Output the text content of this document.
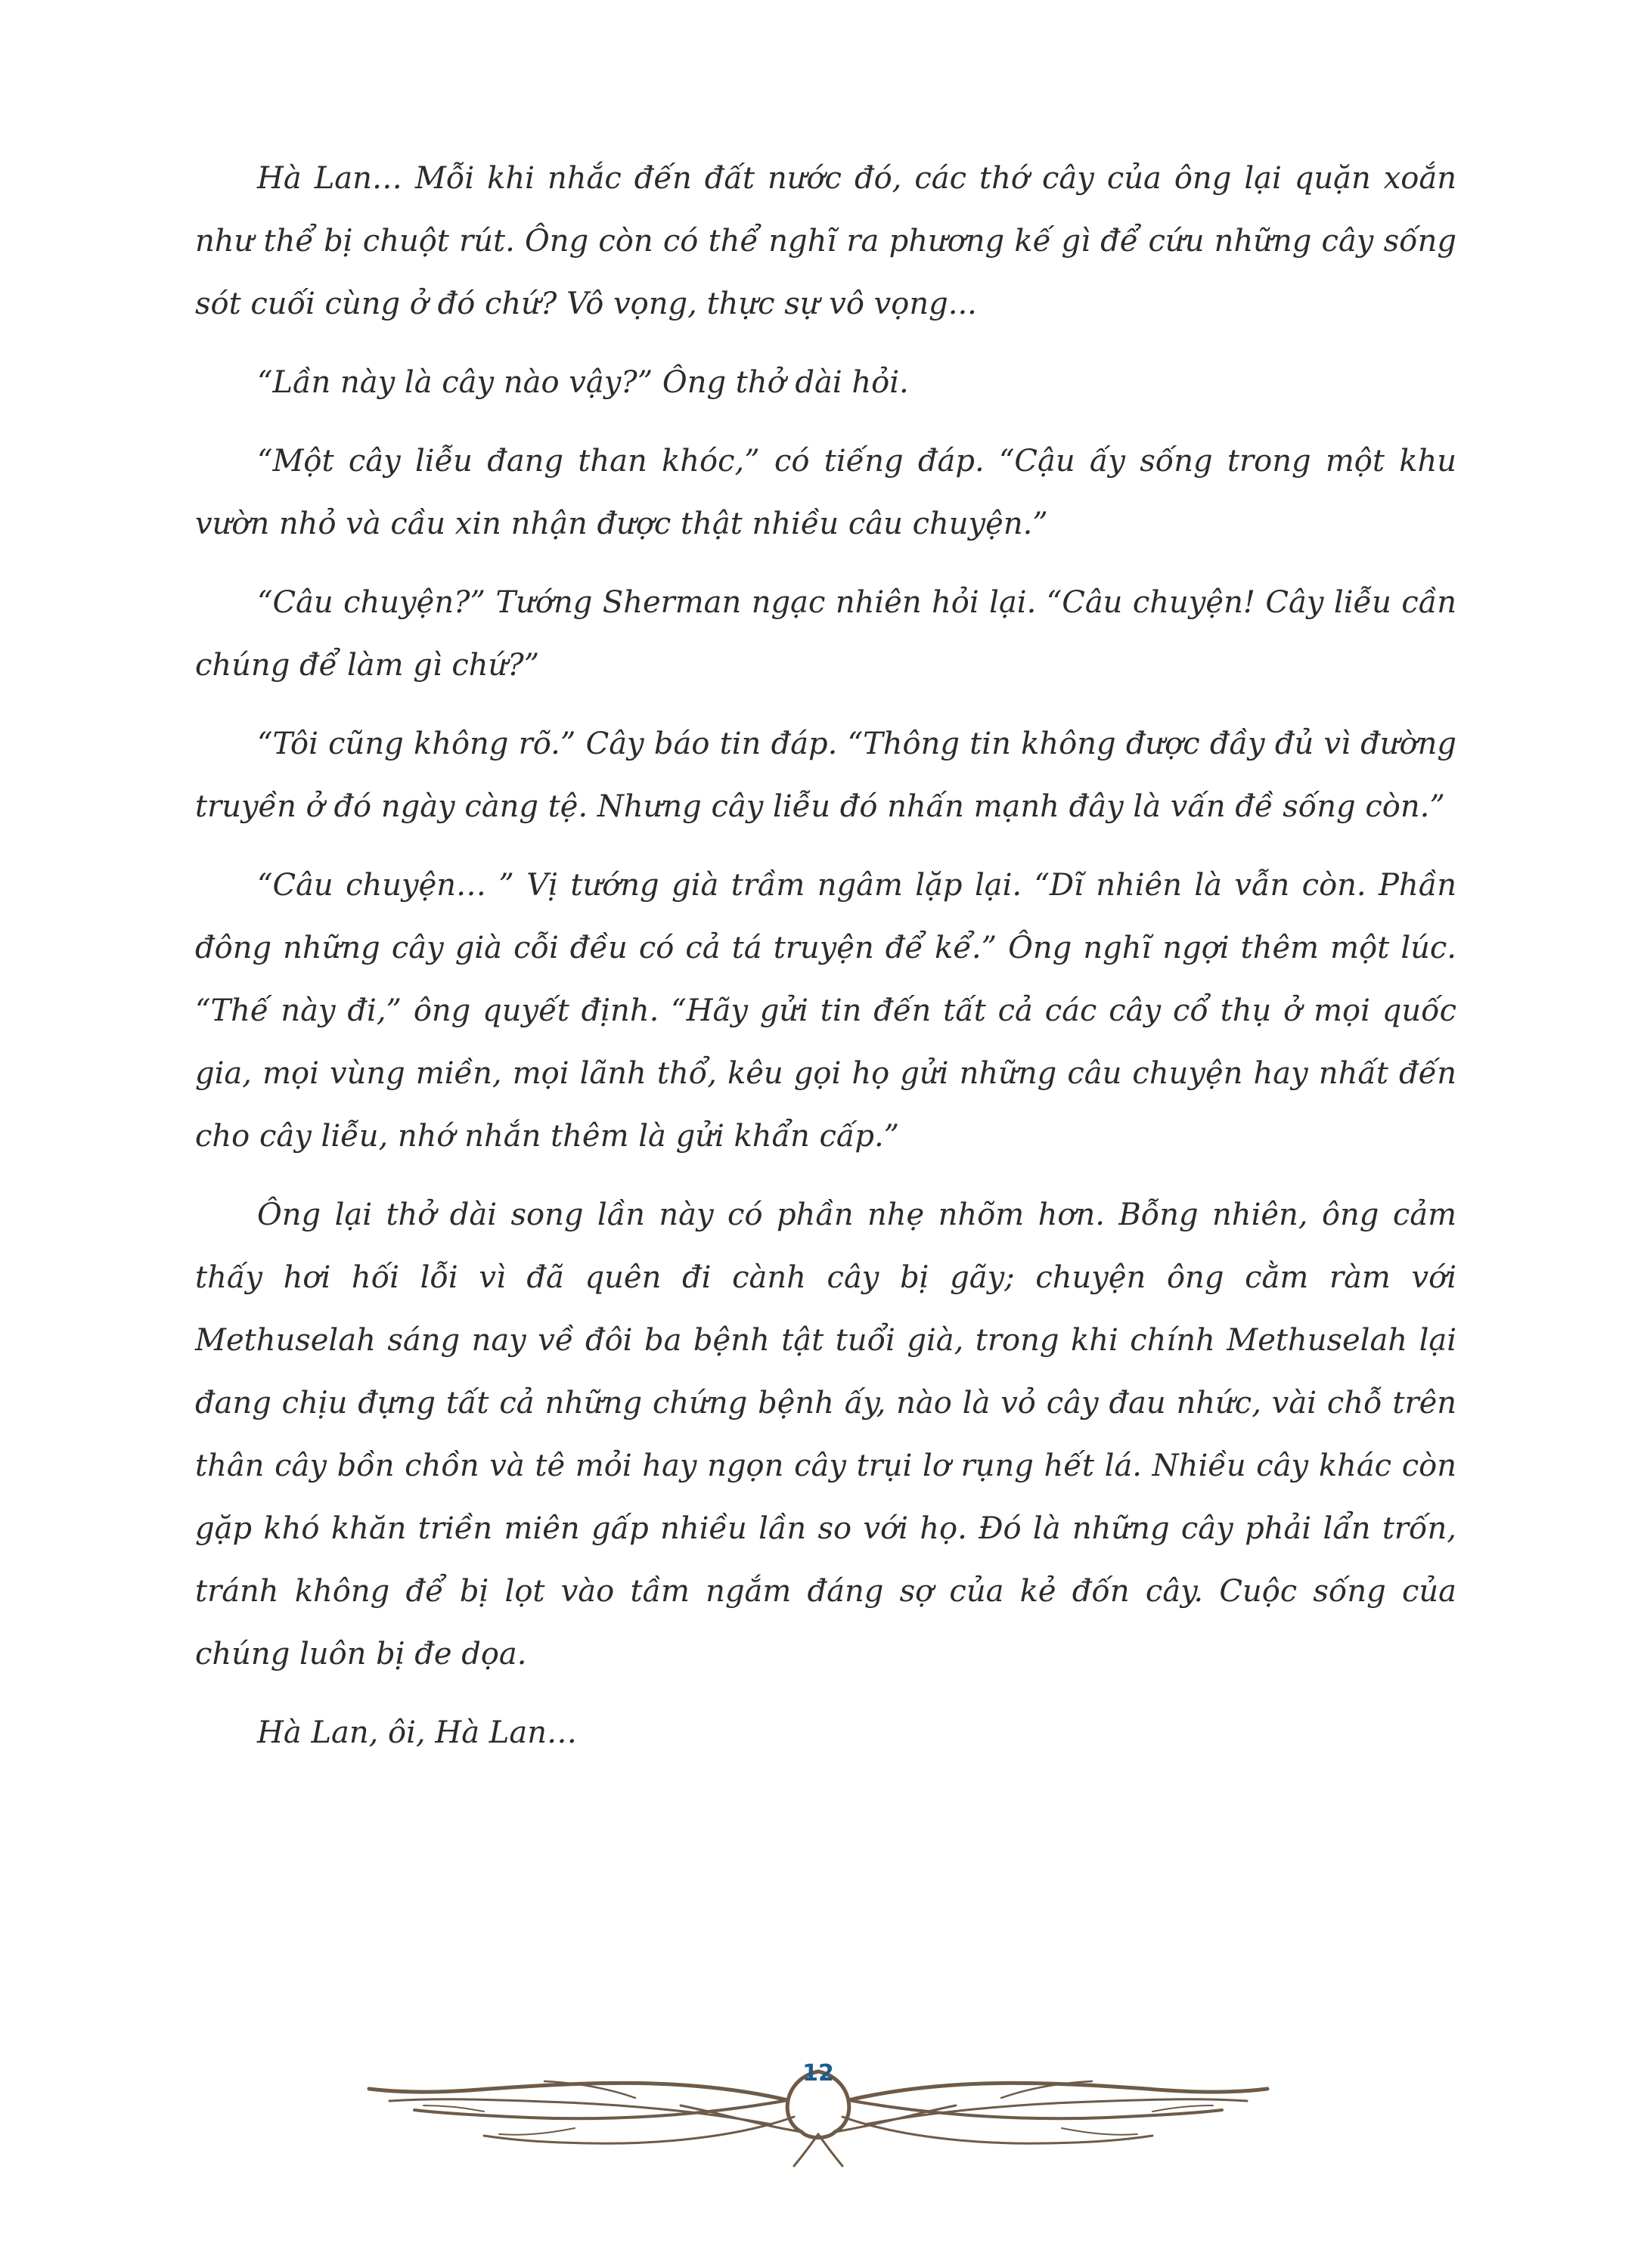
Hà Lan… Mỗi khi nhắc đến đất nước đó, các thớ cây của ông lại quặn xoắn như thể bị chuột rút. Ông còn có thể nghĩ ra phương kế gì để cứu những cây sống sót cuối cùng ở đó chứ? Vô vọng, thực sự vô vọng...

“Lần này là cây nào vậy?” Ông thở dài hỏi.

“Một cây liễu đang than khóc,” có tiếng đáp. “Cậu ấy sống trong một khu vườn nhỏ và cầu xin nhận được thật nhiều câu chuyện.”

“Câu chuyện?” Tướng Sherman ngạc nhiên hỏi lại. “Câu chuyện! Cây liễu cần chúng để làm gì chứ?”

“Tôi cũng không rõ.” Cây báo tin đáp. “Thông tin không được đầy đủ vì đường truyền ở đó ngày càng tệ. Nhưng cây liễu đó nhấn mạnh đây là vấn đề sống còn.”

“Câu chuyện… ” Vị tướng già trầm ngâm lặp lại. “Dĩ nhiên là vẫn còn. Phần đông những cây già cỗi đều có cả tá truyện để kể.” Ông nghĩ ngợi thêm một lúc. “Thế này đi,” ông quyết định. “Hãy gửi tin đến tất cả các cây cổ thụ ở mọi quốc gia, mọi vùng miền, mọi lãnh thổ, kêu gọi họ gửi những câu chuyện hay nhất đến cho cây liễu, nhớ nhắn thêm là gửi khẩn cấp.”

Ông lại thở dài song lần này có phần nhẹ nhõm hơn. Bỗng nhiên, ông cảm thấy hơi hối lỗi vì đã quên đi cành cây bị gãy; chuyện ông cằm ràm với Methuselah sáng nay về đôi ba bệnh tật tuổi già, trong khi chính Methuselah lại đang chịu đựng tất cả những chứng bệnh ấy, nào là vỏ cây đau nhức, vài chỗ trên thân cây bồn chồn và tê mỏi hay ngọn cây trụi lơ rụng hết lá. Nhiều cây khác còn gặp khó khăn triền miên gấp nhiều lần so với họ. Đó là những cây phải lẩn trốn, tránh không để bị lọt vào tầm ngắm đáng sợ của kẻ đốn cây. Cuộc sống của chúng luôn bị đe dọa.

Hà Lan, ôi, Hà Lan…

12
